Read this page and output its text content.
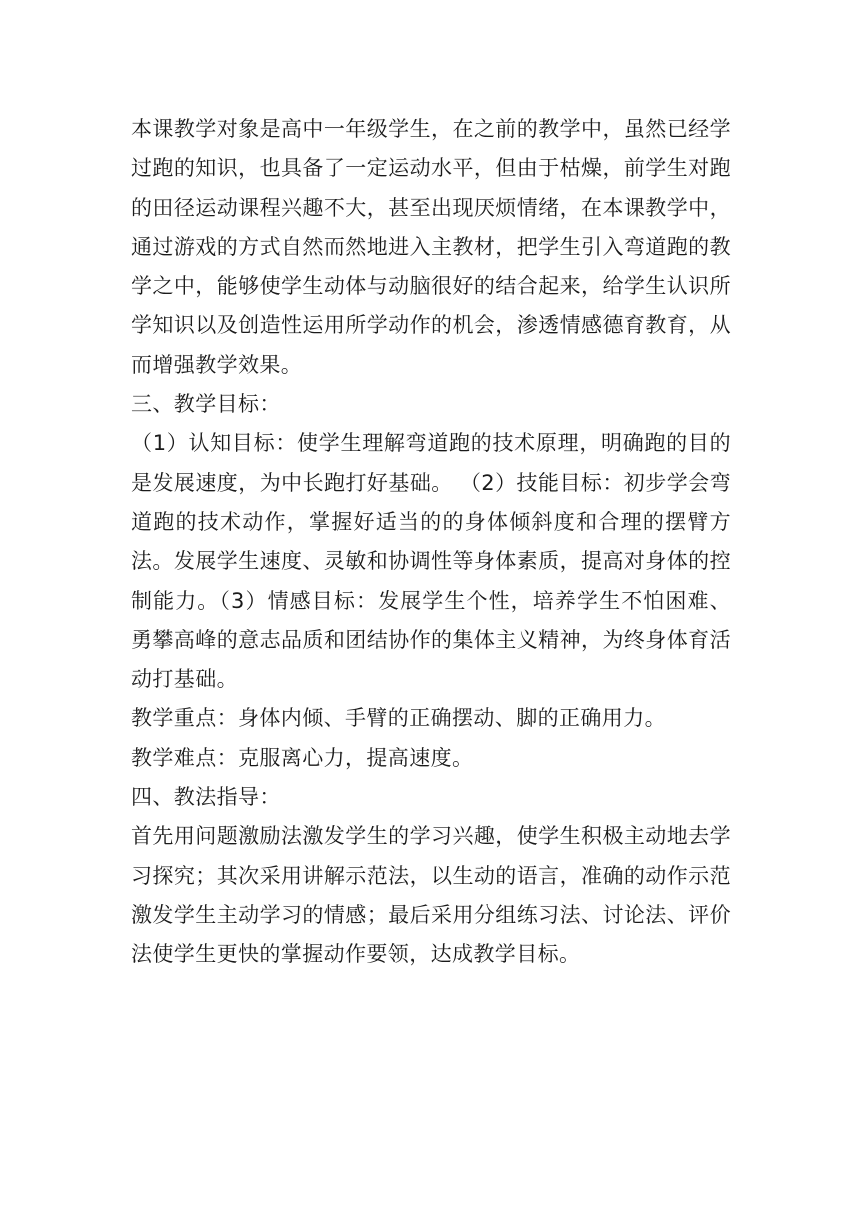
本课教学对象是高中一年级学生，在之前的教学中，虽然已经学过跑的知识，也具备了一定运动水平，但由于枯燥，前学生对跑的田径运动课程兴趣不大，甚至出现厌烦情绪，在本课教学中，通过游戏的方式自然而然地进入主教材，把学生引入弯道跑的教学之中，能够使学生动体与动脑很好的结合起来，给学生认识所学知识以及创造性运用所学动作的机会，渗透情感德育教育，从而增强教学效果。

三、教学目标：

（1）认知目标：使学生理解弯道跑的技术原理，明确跑的目的是发展速度，为中长跑打好基础。 （2）技能目标：初步学会弯道跑的技术动作，掌握好适当的的身体倾斜度和合理的摆臂方法。发展学生速度、灵敏和协调性等身体素质，提高对身体的控制能力。（3）情感目标：发展学生个性，培养学生不怕困难、勇攀高峰的意志品质和团结协作的集体主义精神，为终身体育活动打基础。

教学重点：身体内倾、手臂的正确摆动、脚的正确用力。

教学难点：克服离心力，提高速度。

四、教法指导：

首先用问题激励法激发学生的学习兴趣，使学生积极主动地去学习探究；其次采用讲解示范法，以生动的语言，准确的动作示范激发学生主动学习的情感；最后采用分组练习法、讨论法、评价法使学生更快的掌握动作要领，达成教学目标。
